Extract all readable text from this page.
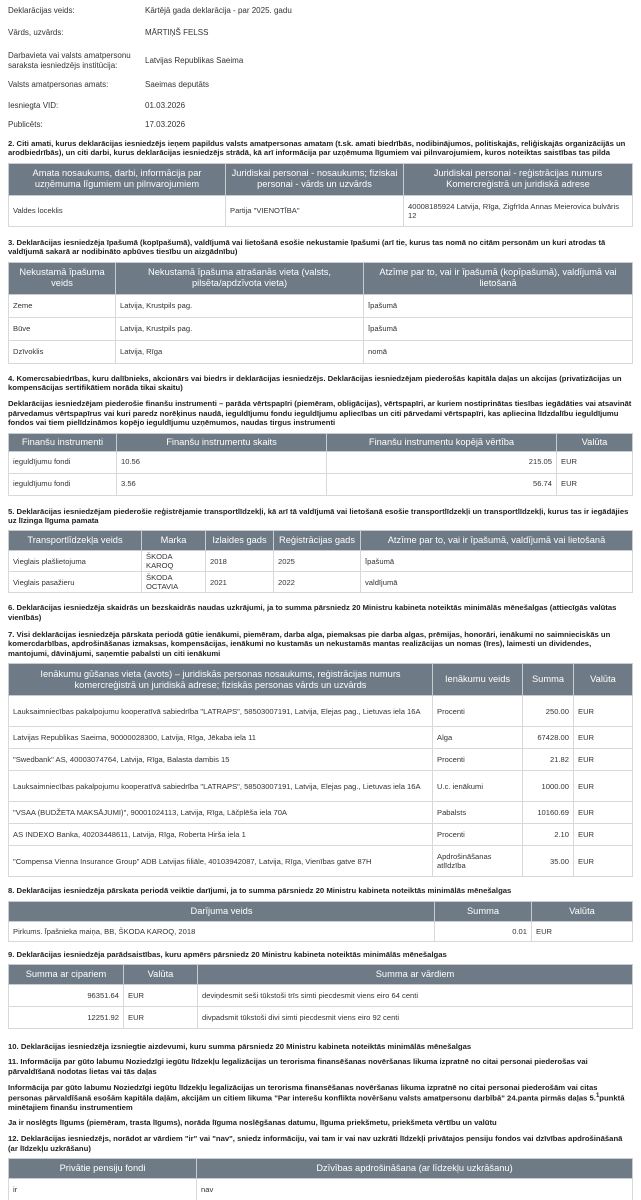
Deklarācijas veids:	Kārtējā gada deklarācija - par 2025. gadu
Vārds, uzvārds:	MĀRTIŅŠ FELSS
Darbavieta vai valsts amatpersonu saraksta iesniedzējs institūcija:
Latvijas Republikas Saeima
Valsts amatpersonas amats:	Saeimas deputāts
Iesniegta VID:	01.03.2026
Publicēts:	17.03.2026
2. Citi amati, kurus deklarācijas iesniedzējs ieņem papildus valsts amatpersonas amatam (t.sk. amati biedrībās, nodibinājumos, politiskajās, reliģiskajās organizācijās un arodbiedrībās), un citi darbi, kurus deklarācijas iesniedzējs strādā, kā arī informācija par uzņēmuma līgumiem vai pilnvarojumiem, kuros noteiktas saistības tas pilda
Amata nosaukums, darbi, informācija par uzņēmuma līgumiem un pilnvarojumiem	Juridiskai personai - nosaukums; fiziskai personai - vārds un uzvārds	Juridiskai personai - reģistrācijas numurs Komercreģistrā un juridiskā adrese
Valdes loceklis	Partija "VIENOTĪBA"	40008185924 Latvija, Rīga, Zigfrīda Annas Meierovica bulvāris 12
3. Deklarācijas iesniedzēja īpašumā (kopīpašumā), valdījumā vai lietošanā esošie nekustamie īpašumi (arī tie, kurus tas nomā no citām personām un kuri atrodas tā valdījumā sakarā ar nodibināto apbūves tiesību un aizgādnību)
Nekustamā īpašuma veids	Nekustamā īpašuma atrašanās vieta (valsts, pilsēta/apdzīvota vieta)	Atzīme par to, vai ir īpašumā (kopīpašumā), valdījumā vai lietošanā
Zeme	Latvija, Krustpils pag.	Īpašumā
Būve	Latvija, Krustpils pag.	Īpašumā
Dzīvoklis	Latvija, Rīga	nomā
4. Komercsabiedrības, kuru dalībnieks, akcionārs vai biedrs ir deklarācijas iesniedzējs. Deklarācijas iesniedzējam piederošās kapitāla daļas un akcijas (privatizācijas un kompensācijas sertifikātiem norāda tikai skaitu)
Deklarācijas iesniedzējam piederošie finanšu instrumenti – parāda vērtspapīri (piemēram, obligācijas), vērtspapīri, ar kuriem nostiprinātas tiesības iegādāties vai atsavināt pārvedamus vērtspapīrus vai kuri paredz norēķinus naudā, ieguldījumu fondu ieguldījumu apliecības un citi pārvedami vērtspapīri, kas apliecina līdzdalību ieguldījumu fondos vai tiem pielīdzināmos kopējo ieguldījumu uzņēmumos, naudas tirgus instrumenti
Finanšu instrumenti	Finanšu instrumentu skaits	Finanšu instrumentu kopējā vērtība	Valūta
ieguldījumu fondi	10.56	215.05	EUR
ieguldījumu fondi	3.56	56.74	EUR
5. Deklarācijas iesniedzējam piederošie reģistrējamie transportlīdzekļi, kā arī tā valdījumā vai lietošanā esošie transportlīdzekļi un transportlīdzekļi, kurus tas ir iegādājies uz līzinga līguma pamata
Transportlīdzekļa veids	Marka	Izlaides gads	Reģistrācijas gads	Atzīme par to, vai ir īpašumā, valdījumā vai lietošanā
Vieglais plašlietojuma	ŠKODA KAROQ	2018	2025	Īpašumā
Vieglais pasažieru	ŠKODA OCTAVIA	2021	2022	valdījumā
6. Deklarācijas iesniedzēja skaidrās un bezskaidrās naudas uzkrājumi, ja to summa pārsniedz 20 Ministru kabineta noteiktās minimālās mēnešalgas (attiecīgās valūtas vienībās)
7. Visi deklarācijas iesniedzēja pārskata periodā gūtie ienākumi, piemēram, darba alga, piemaksas pie darba algas, prēmijas, honorāri, ienākumi no saimnieciskās un komercdarbības, apdrošināšanas izmaksas, kompensācijas, ienākumi no kustamās un nekustamās mantas realizācijas un nomas (īres), laimesti un dividendes, mantojumi, dāvinājumi, saņemtie pabalsti un citi ienākumi
Ienākumu gūšanas vieta (avots) – juridiskās personas nosaukums, reģistrācijas numurs komercreģistrā un juridiskā adrese; fiziskās personas vārds un uzvārds	Ienākumu veids	Summa	Valūta
Lauksaimniecības pakalpojumu kooperatīvā sabiedrība "LATRAPS", 58503007191, Latvija, Elejas pag., Lietuvas iela 16A	Procenti	250.00	EUR
Latvijas Republikas Saeima, 90000028300, Latvija, Rīga, Jēkaba iela 11	Alga	67428.00	EUR
"Swedbank" AS, 40003074764, Latvija, Rīga, Balasta dambis 15	Procenti	21.82	EUR
Lauksaimniecības pakalpojumu kooperatīvā sabiedrība "LATRAPS", 58503007191, Latvija, Elejas pag., Lietuvas iela 16A	U.c. ienākumi	1000.00	EUR
"VSAA (BUDŽETA MAKSĀJUMI)", 90001024113, Latvija, Rīga, Lāčplēša iela 70A	Pabalsts	10160.69	EUR
AS INDEXO Banka, 40203448611, Latvija, Rīga, Roberta Hirša iela 1	Procenti	2.10	EUR
"Compensa Vienna Insurance Group" ADB Latvijas filiāle, 40103942087, Latvija, Rīga, Vienības gatve 87H	Apdrošināšanas atlīdzība	35.00	EUR
8. Deklarācijas iesniedzēja pārskata periodā veiktie darījumi, ja to summa pārsniedz 20 Ministru kabineta noteiktās minimālās mēnešalgas
Darījuma veids	Summa	Valūta
Pirkums. Īpašnieka maiņa, BB, ŠKODA KAROQ, 2018	0.01	EUR
9. Deklarācijas iesniedzēja parādsaistības, kuru apmērs pārsniedz 20 Ministru kabineta noteiktās minimālās mēnešalgas
Summa ar cipariem	Valūta	Summa ar vārdiem
96351.64	EUR	deviņdesmit seši tūkstoši trīs simti piecdesmit viens eiro 64 centi
12251.92	EUR	divpadsmit tūkstoši divi simti piecdesmit viens eiro 92 centi
10. Deklarācijas iesniedzēja izsniegtie aizdevumi, kuru summa pārsniedz 20 Ministru kabineta noteiktās minimālās mēnešalgas
11. Informācija par gūto labumu Noziedzīgi iegūtu līdzekļu legalizācijas un terorisma finansēšanas novēršanas likuma izpratnē no citai personai piederošas vai pārvaldīšanā nodotas lietas vai tās daļas
Informācija par gūto labumu Noziedzīgi iegūtu līdzekļu legalizācijas un terorisma finansēšanas novēršanas likuma izpratnē no citai personai piederošām vai citas personas pārvaldīšanā esošām kapitāla daļām, akcijām un citiem likuma "Par interešu konflikta novēršanu valsts amatpersonu darbībā" 24.panta pirmās daļas 5.$^1$punktā minētajiem finanšu instrumentiem
Ja ir noslēgts līgums (piemēram, trasta līgums), norāda līguma noslēgšanas datumu, līguma priekšmetu, priekšmeta vērtību un valūtu
12. Deklarācijas iesniedzējs, norādot ar vārdiem "ir" vai "nav", sniedz informāciju, vai tam ir vai nav uzkrāti līdzekļi privātajos pensiju fondos vai dzīvības apdrošināšanā (ar līdzekļu uzkrāšanu)
Privātie pensiju fondi	Dzīvības apdrošināšana (ar līdzekļu uzkrāšanu)
ir	nav
